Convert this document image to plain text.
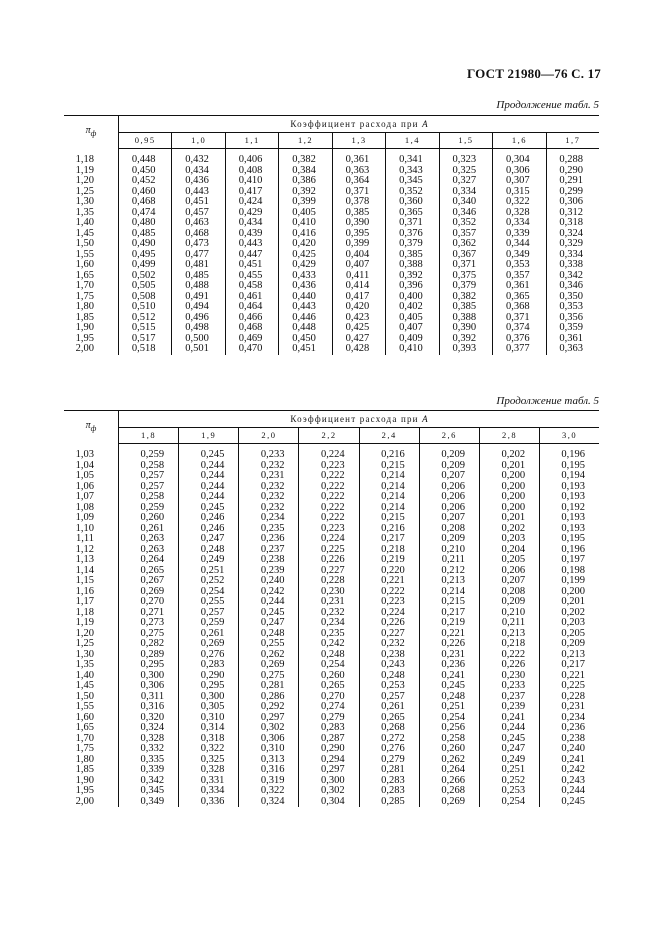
ГОСТ 21980—76 С. 17
Продолжение табл. 5
$\pi_ф$	Коэффициент расхода при A								
	0,95	1,0	1,1	1,2	1,3	1,4	1,5	1,6	1,7

1,18	0,448	0,432	0,406	0,382	0,361	0,341	0,323	0,304	0,288
1,19	0,450	0,434	0,408	0,384	0,363	0,343	0,325	0,306	0,290
1,20	0,452	0,436	0,410	0,386	0,364	0,345	0,327	0,307	0,291
1,25	0,460	0,443	0,417	0,392	0,371	0,352	0,334	0,315	0,299
1,30	0,468	0,451	0,424	0,399	0,378	0,360	0,340	0,322	0,306
1,35	0,474	0,457	0,429	0,405	0,385	0,365	0,346	0,328	0,312
1,40	0,480	0,463	0,434	0,410	0,390	0,371	0,352	0,334	0,318
1,45	0,485	0,468	0,439	0,416	0,395	0,376	0,357	0,339	0,324
1,50	0,490	0,473	0,443	0,420	0,399	0,379	0,362	0,344	0,329
1,55	0,495	0,477	0,447	0,425	0,404	0,385	0,367	0,349	0,334
1,60	0,499	0,481	0,451	0,429	0,407	0,388	0,371	0,353	0,338
1,65	0,502	0,485	0,455	0,433	0,411	0,392	0,375	0,357	0,342
1,70	0,505	0,488	0,458	0,436	0,414	0,396	0,379	0,361	0,346
1,75	0,508	0,491	0,461	0,440	0,417	0,400	0,382	0,365	0,350
1,80	0,510	0,494	0,464	0,443	0,420	0,402	0,385	0,368	0,353
1,85	0,512	0,496	0,466	0,446	0,423	0,405	0,388	0,371	0,356
1,90	0,515	0,498	0,468	0,448	0,425	0,407	0,390	0,374	0,359
1,95	0,517	0,500	0,469	0,450	0,427	0,409	0,392	0,376	0,361
2,00	0,518	0,501	0,470	0,451	0,428	0,410	0,393	0,377	0,363
Продолжение табл. 5
$\pi_ф$	Коэффициент расхода при A							
	1,8	1,9	2,0	2,2	2,4	2,6	2,8	3,0

1,03	0,259	0,245	0,233	0,224	0,216	0,209	0,202	0,196
1,04	0,258	0,244	0,232	0,223	0,215	0,209	0,201	0,195
1,05	0,257	0,244	0,231	0,222	0,214	0,207	0,200	0,194
1,06	0,257	0,244	0,232	0,222	0,214	0,206	0,200	0,193
1,07	0,258	0,244	0,232	0,222	0,214	0,206	0,200	0,193
1,08	0,259	0,245	0,232	0,222	0,214	0,206	0,200	0,192
1,09	0,260	0,246	0,234	0,222	0,215	0,207	0,201	0,193
1,10	0,261	0,246	0,235	0,223	0,216	0,208	0,202	0,193
1,11	0,263	0,247	0,236	0,224	0,217	0,209	0,203	0,195
1,12	0,263	0,248	0,237	0,225	0,218	0,210	0,204	0,196
1,13	0,264	0,249	0,238	0,226	0,219	0,211	0,205	0,197
1,14	0,265	0,251	0,239	0,227	0,220	0,212	0,206	0,198
1,15	0,267	0,252	0,240	0,228	0,221	0,213	0,207	0,199
1,16	0,269	0,254	0,242	0,230	0,222	0,214	0,208	0,200
1,17	0,270	0,255	0,244	0,231	0,223	0,215	0,209	0,201
1,18	0,271	0,257	0,245	0,232	0,224	0,217	0,210	0,202
1,19	0,273	0,259	0,247	0,234	0,226	0,219	0,211	0,203
1,20	0,275	0,261	0,248	0,235	0,227	0,221	0,213	0,205
1,25	0,282	0,269	0,255	0,242	0,232	0,226	0,218	0,209
1,30	0,289	0,276	0,262	0,248	0,238	0,231	0,222	0,213
1,35	0,295	0,283	0,269	0,254	0,243	0,236	0,226	0,217
1,40	0,300	0,290	0,275	0,260	0,248	0,241	0,230	0,221
1,45	0,306	0,295	0,281	0,265	0,253	0,245	0,233	0,225
1,50	0,311	0,300	0,286	0,270	0,257	0,248	0,237	0,228
1,55	0,316	0,305	0,292	0,274	0,261	0,251	0,239	0,231
1,60	0,320	0,310	0,297	0,279	0,265	0,254	0,241	0,234
1,65	0,324	0,314	0,302	0,283	0,268	0,256	0,244	0,236
1,70	0,328	0,318	0,306	0,287	0,272	0,258	0,245	0,238
1,75	0,332	0,322	0,310	0,290	0,276	0,260	0,247	0,240
1,80	0,335	0,325	0,313	0,294	0,279	0,262	0,249	0,241
1,85	0,339	0,328	0,316	0,297	0,281	0,264	0,251	0,242
1,90	0,342	0,331	0,319	0,300	0,283	0,266	0,252	0,243
1,95	0,345	0,334	0,322	0,302	0,283	0,268	0,253	0,244
2,00	0,349	0,336	0,324	0,304	0,285	0,269	0,254	0,245
